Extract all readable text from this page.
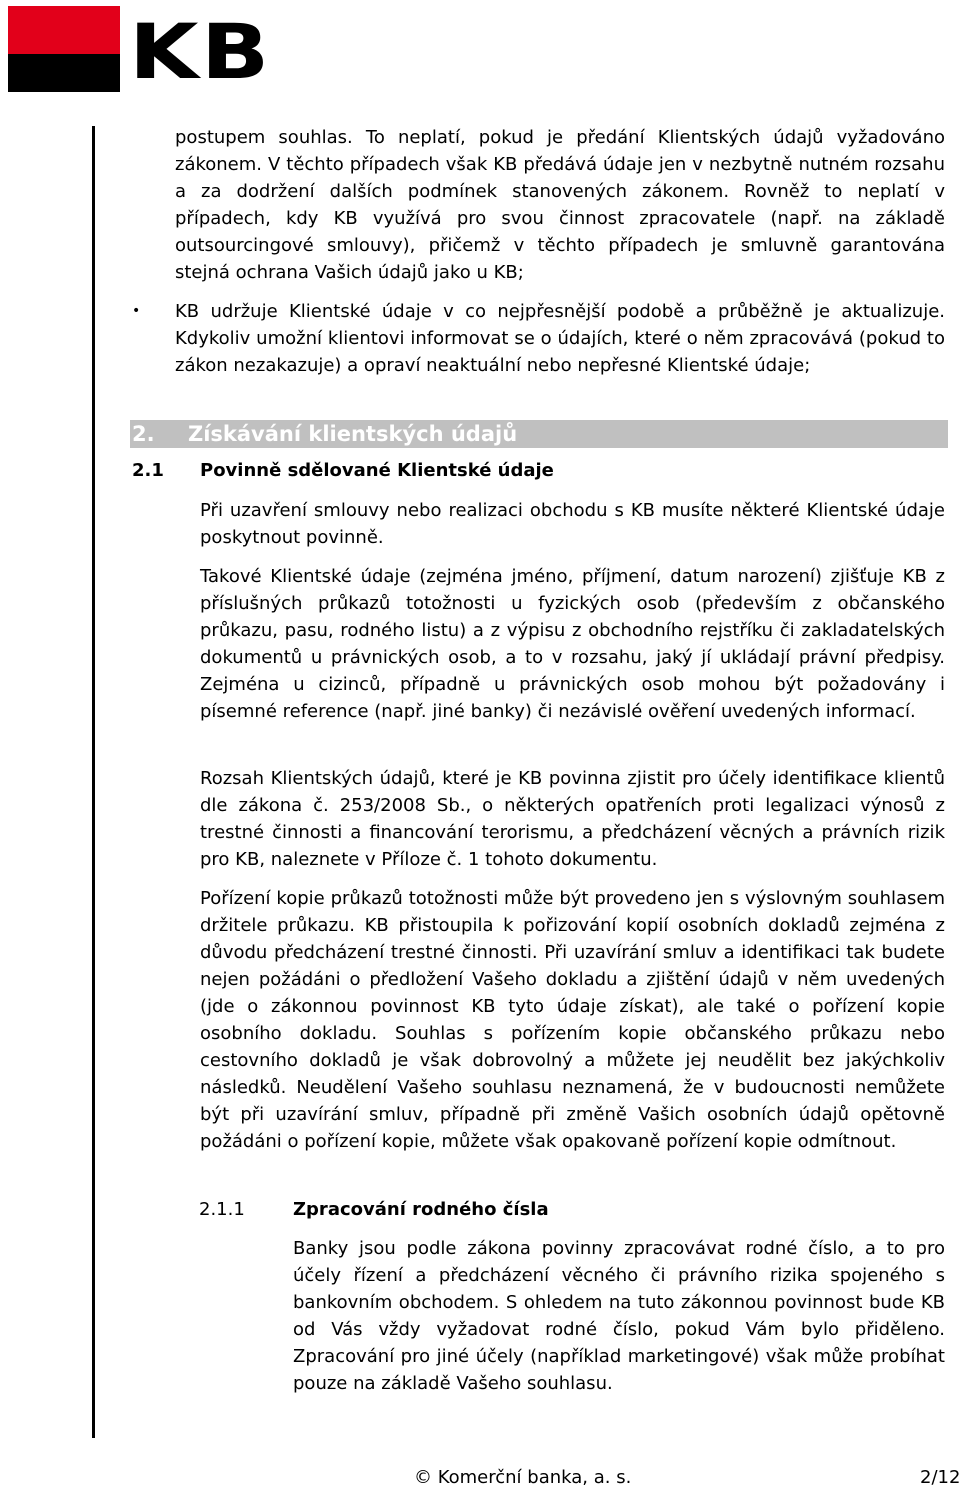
KB

postupem souhlas. To neplatí, pokud je předání Klientských údajů vyžadováno zákonem. V těchto případech však KB předává údaje jen v nezbytně nutném rozsahu a za dodržení dalších podmínek stanovených zákonem. Rovněž to neplatí v případech, kdy KB využívá pro svou činnost zpracovatele (např. na základě outsourcingové smlouvy), přičemž v těchto případech je smluvně garantována stejná ochrana Vašich údajů jako u KB;

• KB udržuje Klientské údaje v co nejpřesnější podobě a průběžně je aktualizuje. Kdykoliv umožní klientovi informovat se o údajích, které o něm zpracovává (pokud to zákon nezakazuje) a opraví neaktuální nebo nepřesné Klientské údaje;

2. Získávání klientských údajů
2.1 Povinně sdělované Klientské údaje

Při uzavření smlouvy nebo realizaci obchodu s KB musíte některé Klientské údaje poskytnout povinně.

Takové Klientské údaje (zejména jméno, příjmení, datum narození) zjišťuje KB z příslušných průkazů totožnosti u fyzických osob (především z občanského průkazu, pasu, rodného listu) a z výpisu z obchodního rejstříku či zakladatelských dokumentů u právnických osob, a to v rozsahu, jaký jí ukládají právní předpisy. Zejména u cizinců, případně u právnických osob mohou být požadovány i písemné reference (např. jiné banky) či nezávislé ověření uvedených informací.

Rozsah Klientských údajů, které je KB povinna zjistit pro účely identifikace klientů dle zákona č. 253/2008 Sb., o některých opatřeních proti legalizaci výnosů z trestné činnosti a financování terorismu, a předcházení věcných a právních rizik pro KB, naleznete v Příloze č. 1 tohoto dokumentu.

Pořízení kopie průkazů totožnosti může být provedeno jen s výslovným souhlasem držitele průkazu. KB přistoupila k pořizování kopií osobních dokladů zejména z důvodu předcházení trestné činnosti. Při uzavírání smluv a identifikaci tak budete nejen požádáni o předložení Vašeho dokladu a zjištění údajů v něm uvedených (jde o zákonnou povinnost KB tyto údaje získat), ale také o pořízení kopie osobního dokladu. Souhlas s pořízením kopie občanského průkazu nebo cestovního dokladů je však dobrovolný a můžete jej neudělit bez jakýchkoliv následků. Neudělení Vašeho souhlasu neznamená, že v budoucnosti nemůžete být při uzavírání smluv, případně při změně Vašich osobních údajů opětovně požádáni o pořízení kopie, můžete však opakovaně pořízení kopie odmítnout.

2.1.1	Zpracování rodného čísla

Banky jsou podle zákona povinny zpracovávat rodné číslo, a to pro účely řízení a předcházení věcného či právního rizika spojeného s bankovním obchodem. S ohledem na tuto zákonnou povinnost bude KB od Vás vždy vyžadovat rodné číslo, pokud Vám bylo přiděleno. Zpracování pro jiné účely (například marketingové) však může probíhat pouze na základě Vašeho souhlasu.

© Komerční banka, a. s.	2/12
